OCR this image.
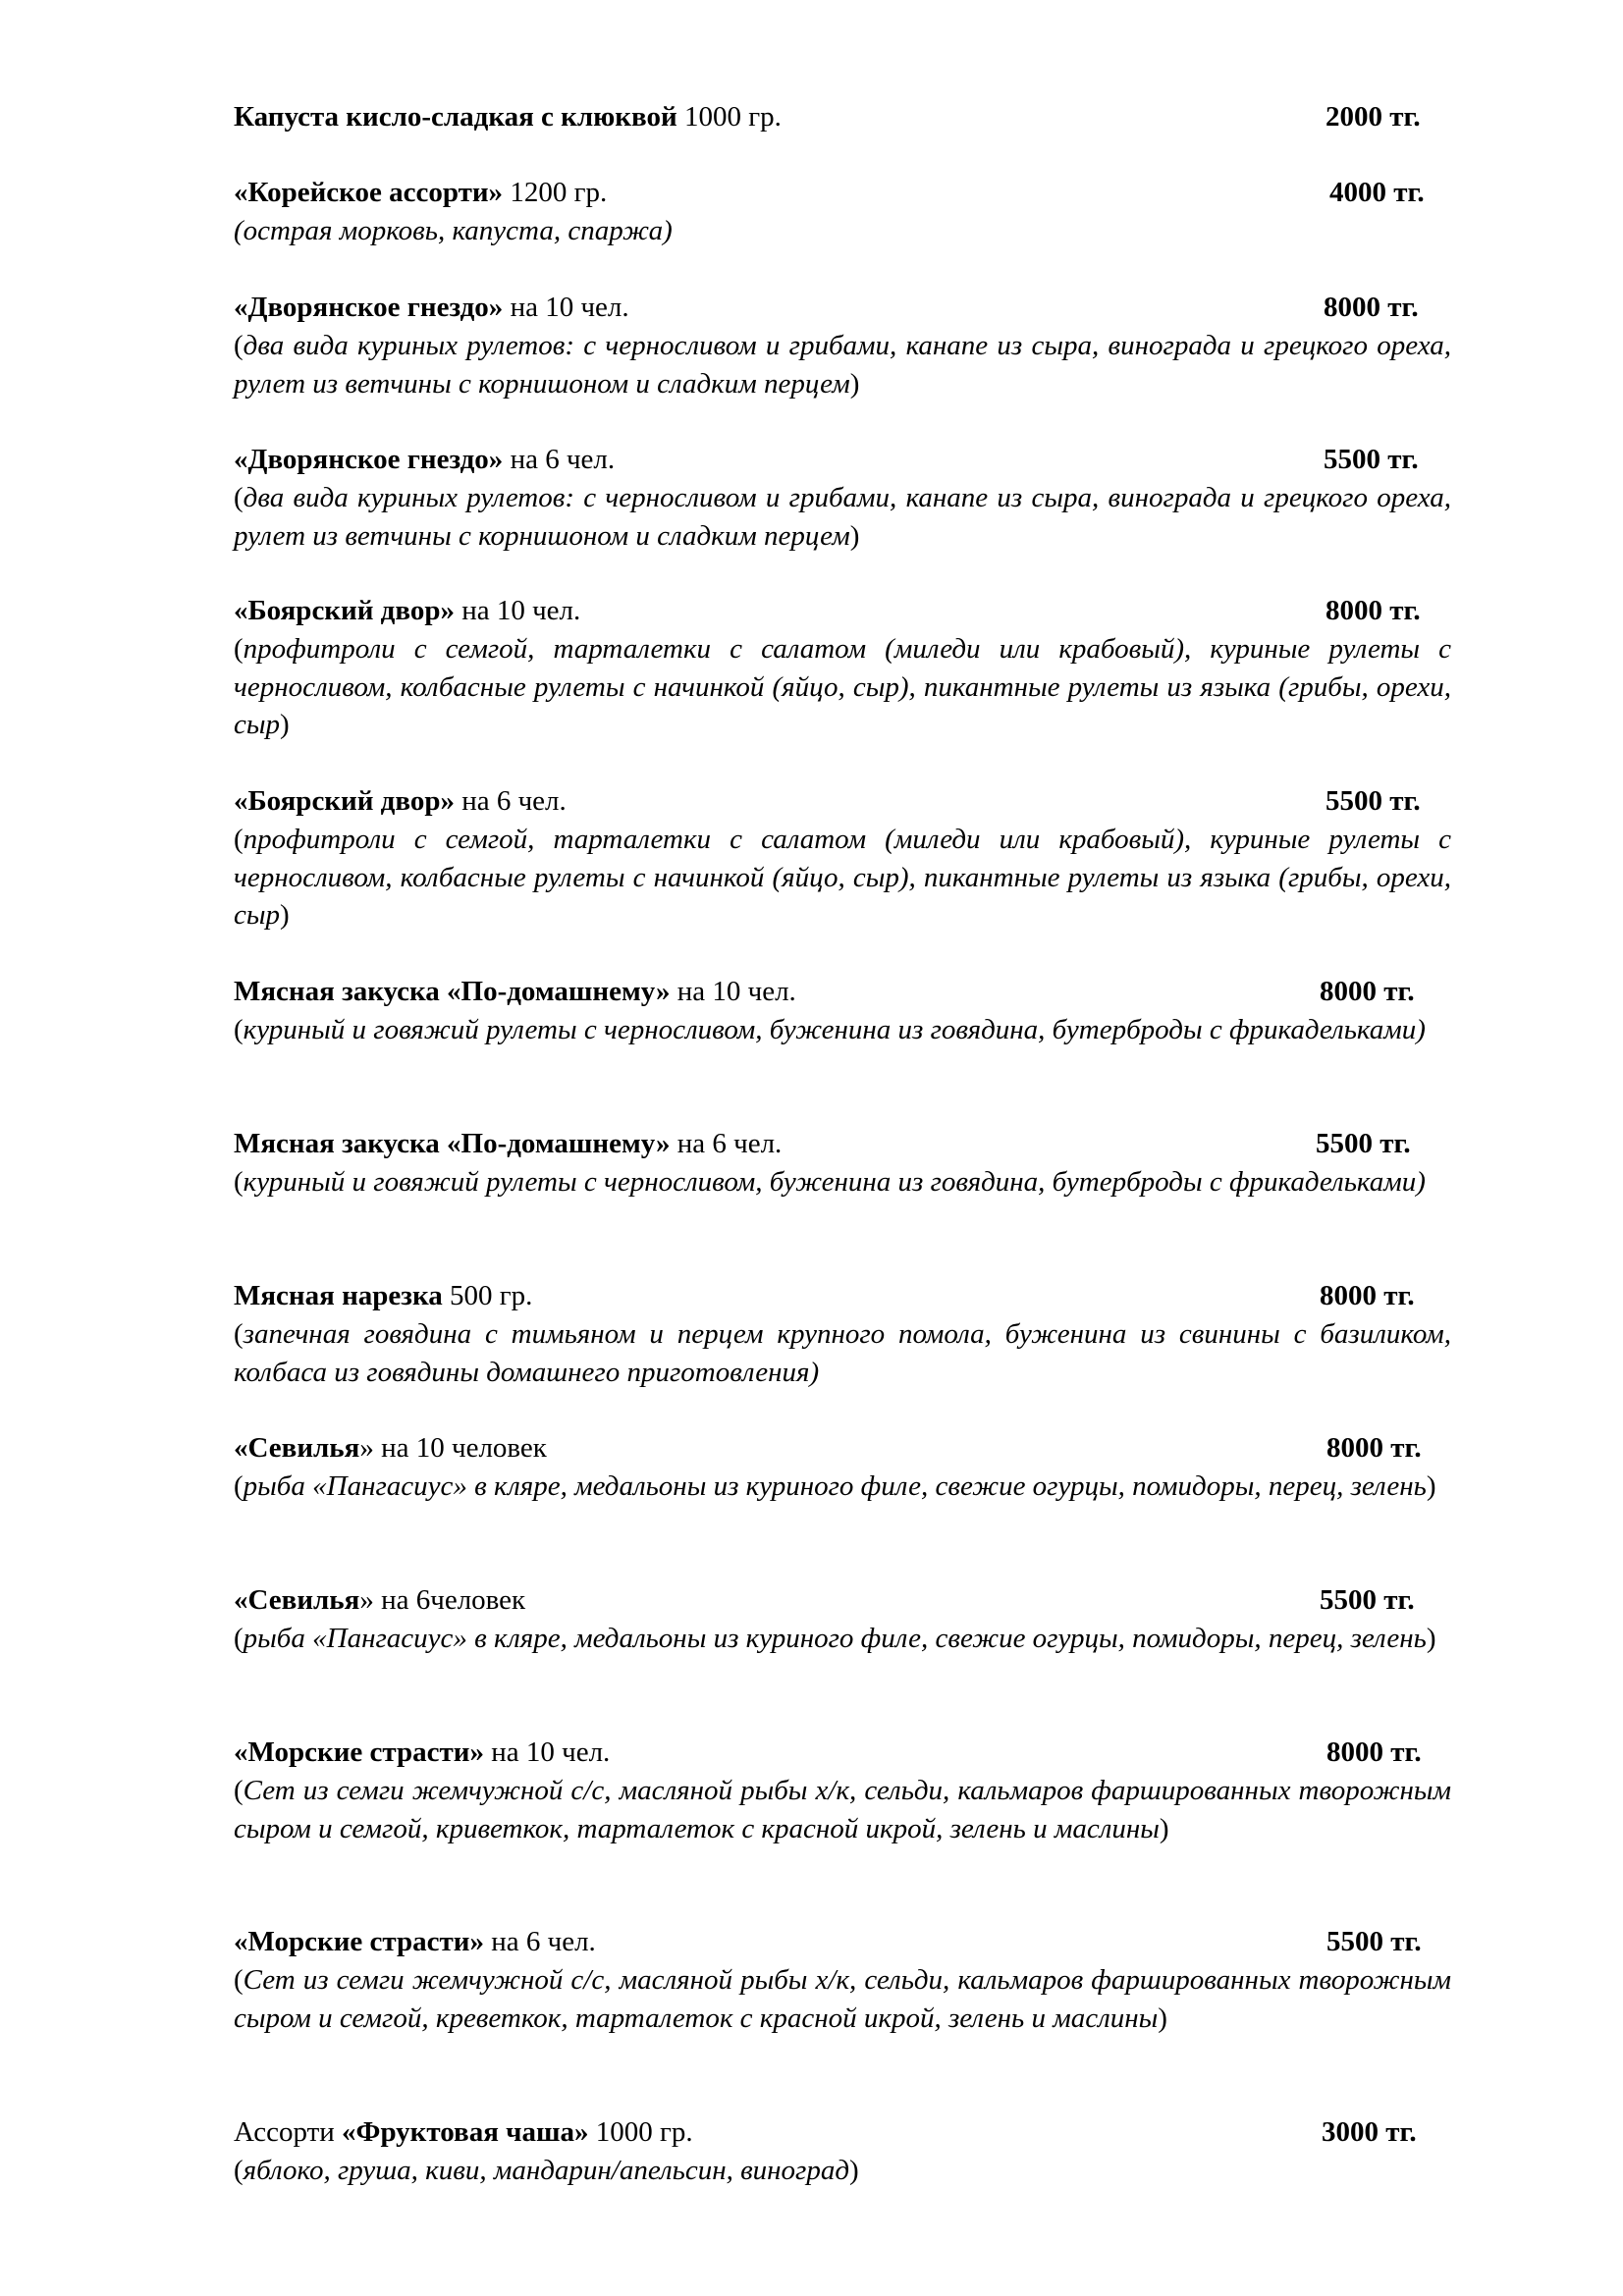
Капуста кисло-сладкая с клюквой 1000 гр.	2000 тг.
«Корейское ассорти» 1200 гр.	4000 тг.
(острая морковь, капуста, спаржа)
«Дворянское гнездо» на 10 чел.	8000 тг.
(два вида куриных рулетов: с черносливом и грибами, канапе из сыра, винограда и грецкого ореха, рулет из ветчины с корнишоном и сладким перцем)
«Дворянское гнездо» на 6 чел.	5500 тг.
(два вида куриных рулетов: с черносливом и грибами, канапе из сыра, винограда и грецкого ореха, рулет из ветчины с корнишоном и сладким перцем)
«Боярский двор» на 10 чел.	8000 тг.
(профитроли с семгой, тарталетки с салатом (миледи или крабовый), куриные рулеты с черносливом, колбасные рулеты с начинкой (яйцо, сыр), пикантные рулеты из языка (грибы, орехи, сыр)
«Боярский двор» на 6 чел.	5500 тг.
(профитроли с семгой, тарталетки с салатом (миледи или крабовый), куриные рулеты с черносливом, колбасные рулеты с начинкой (яйцо, сыр), пикантные рулеты из языка (грибы, орехи, сыр)
Мясная закуска «По-домашнему» на 10 чел.	8000 тг.
(куриный и говяжий рулеты с черносливом, буженина из говядина, бутерброды с фрикадельками)
Мясная закуска «По-домашнему» на 6 чел.	5500 тг.
(куриный и говяжий рулеты с черносливом, буженина из говядина, бутерброды с фрикадельками)
Мясная нарезка 500 гр.	8000 тг.
(запечная говядина с тимьяном и перцем крупного помола, буженина из свинины с базиликом, колбаса из говядины домашнего приготовления)
«Севилья» на 10 человек	8000 тг.
(рыба «Пангасиус» в кляре, медальоны из куриного филе, свежие огурцы, помидоры, перец, зелень)
«Севилья» на 6человек	5500 тг.
(рыба «Пангасиус» в кляре, медальоны из куриного филе, свежие огурцы, помидоры, перец, зелень)
«Морские страсти» на 10 чел.	8000 тг.
(Сет из семги жемчужной с/с, масляной рыбы х/к, сельди, кальмаров фаршированных творожным сыром и семгой, криветкок, тарталеток с красной икрой, зелень и маслины)
«Морские страсти» на 6 чел.	5500 тг.
(Сет из семги жемчужной с/с, масляной рыбы х/к, сельди, кальмаров фаршированных творожным сыром и семгой, креветкок, тарталеток с красной икрой, зелень и маслины)
Ассорти «Фруктовая чаша» 1000 гр.	3000 тг.
(яблоко, груша, киви, мандарин/апельсин, виноград)
